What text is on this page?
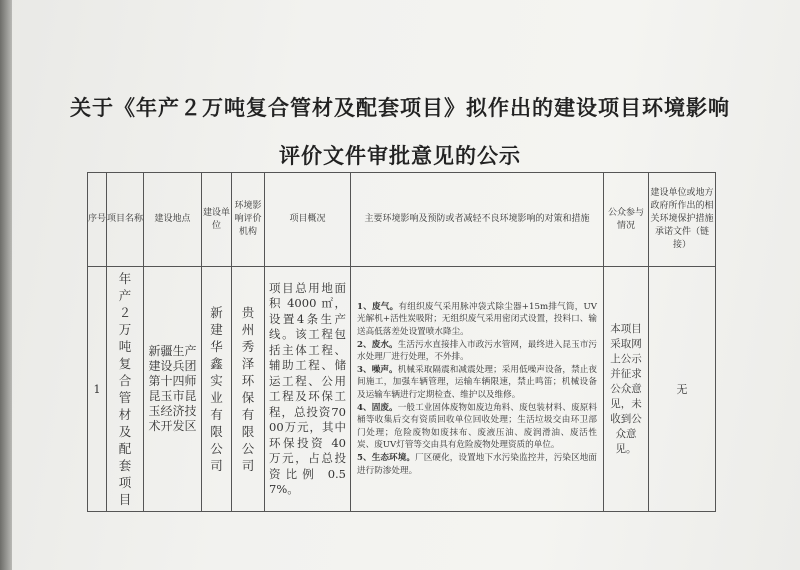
关于《年产２万吨复合管材及配套项目》拟作出的建设项目环境影响
评价文件审批意见的公示
序号	项目名称	建设地点	建设单位	环境影响评价机构	项目概况	主要环境影响及预防或者减轻不良环境影响的对策和措施	公众参与情况	建设单位或地方政府所作出的相关环境保护措施承诺文件（链接）
1	年产２万吨复合管材及配套项目	新疆生产建设兵团第十四师昆玉市昆玉经济技术开发区	新建华鑫实业有限公司	贵州秀泽环保有限公司	项目总用地面积 4000 ㎡，设置4条生产线。该工程包括主体工程、辅助工程、储运工程、公用工程及环保工程，总投资7000万元，其中环保投资 40 万元，占总投资比例 0.57%。	1、废气。有组织废气采用脉冲袋式除尘器+15m排气筒，UV光解机+活性炭吸附；无组织废气采用密闭式设置，投料口、输送高低落差处设置喷水降尘。
2、废水。生活污水直接排入市政污水管网，最终进入昆玉市污水处理厂进行处理，不外排。
3、噪声。机械采取隔震和减震处理；采用低噪声设备，禁止夜间施工，加强车辆管理，运输车辆限速，禁止鸣笛；机械设备及运输车辆进行定期检查、维护以及维修。
4、固废。一般工业固体废物如废边角料、废包装材料、废原料桶等收集后交有资质回收单位回收处理；生活垃圾交由环卫部门处理；危险废物如废抹布、废液压油、废润滑油、废活性炭、废UV灯管等交由具有危险废物处理资质的单位。
5、生态环境。厂区硬化，设置地下水污染监控井，污染区地面进行防渗处理。	本项目采取网上公示并征求公众意见，未收到公众意见。	无
